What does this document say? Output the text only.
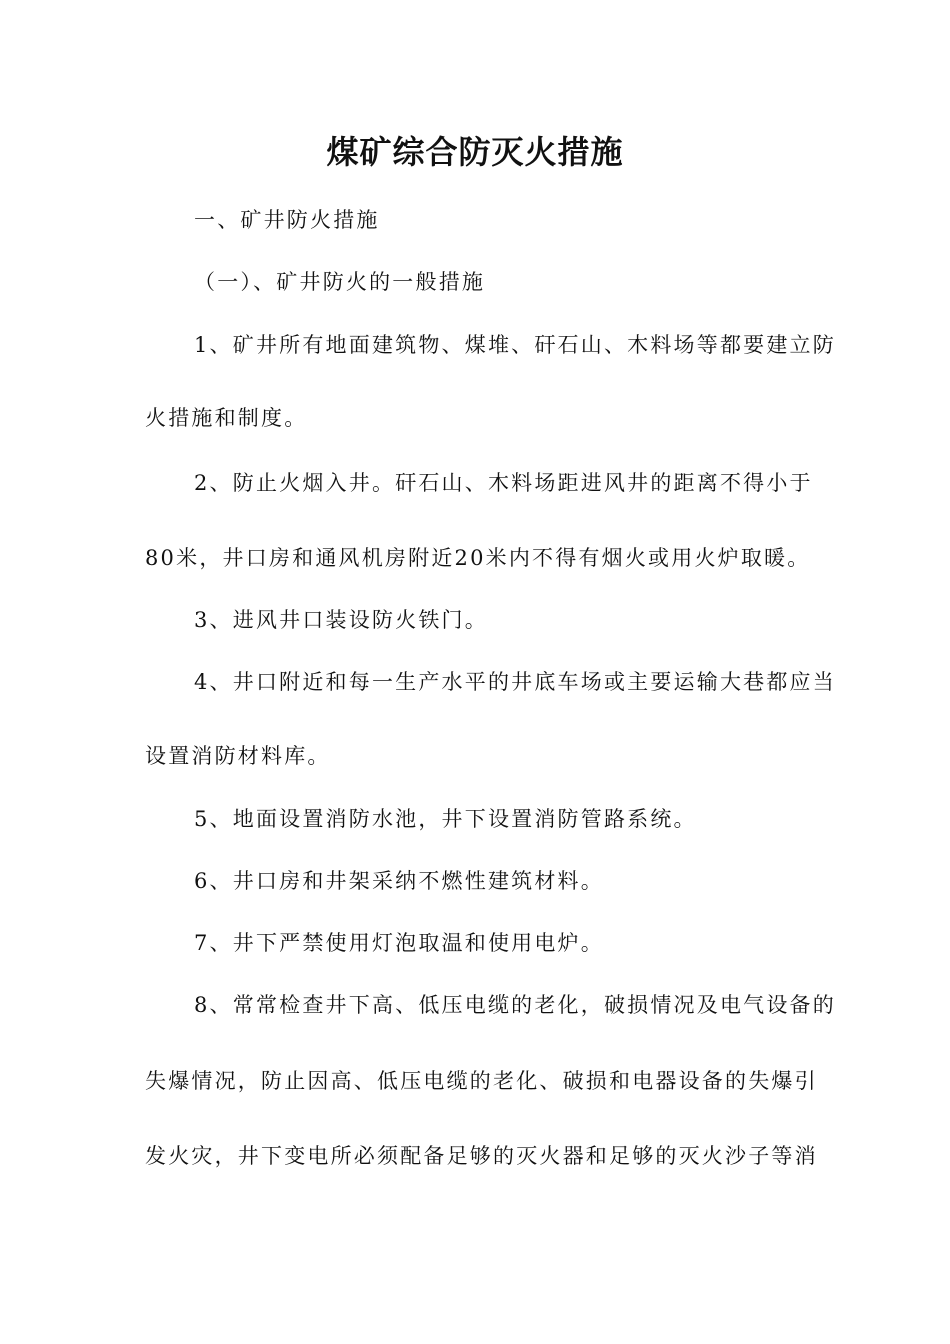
煤矿综合防灭火措施
一、矿井防火措施
（一）、矿井防火的一般措施
1、矿井所有地面建筑物、煤堆、矸石山、木料场等都要建立防
火措施和制度。
2、防止火烟入井。矸石山、木料场距进风井的距离不得小于
80米，井口房和通风机房附近20米内不得有烟火或用火炉取暖。
3、进风井口装设防火铁门。
4、井口附近和每一生产水平的井底车场或主要运输大巷都应当
设置消防材料库。
5、地面设置消防水池，井下设置消防管路系统。
6、井口房和井架采纳不燃性建筑材料。
7、井下严禁使用灯泡取温和使用电炉。
8、常常检查井下高、低压电缆的老化，破损情况及电气设备的
失爆情况，防止因高、低压电缆的老化、破损和电器设备的失爆引
发火灾，井下变电所必须配备足够的灭火器和足够的灭火沙子等消
